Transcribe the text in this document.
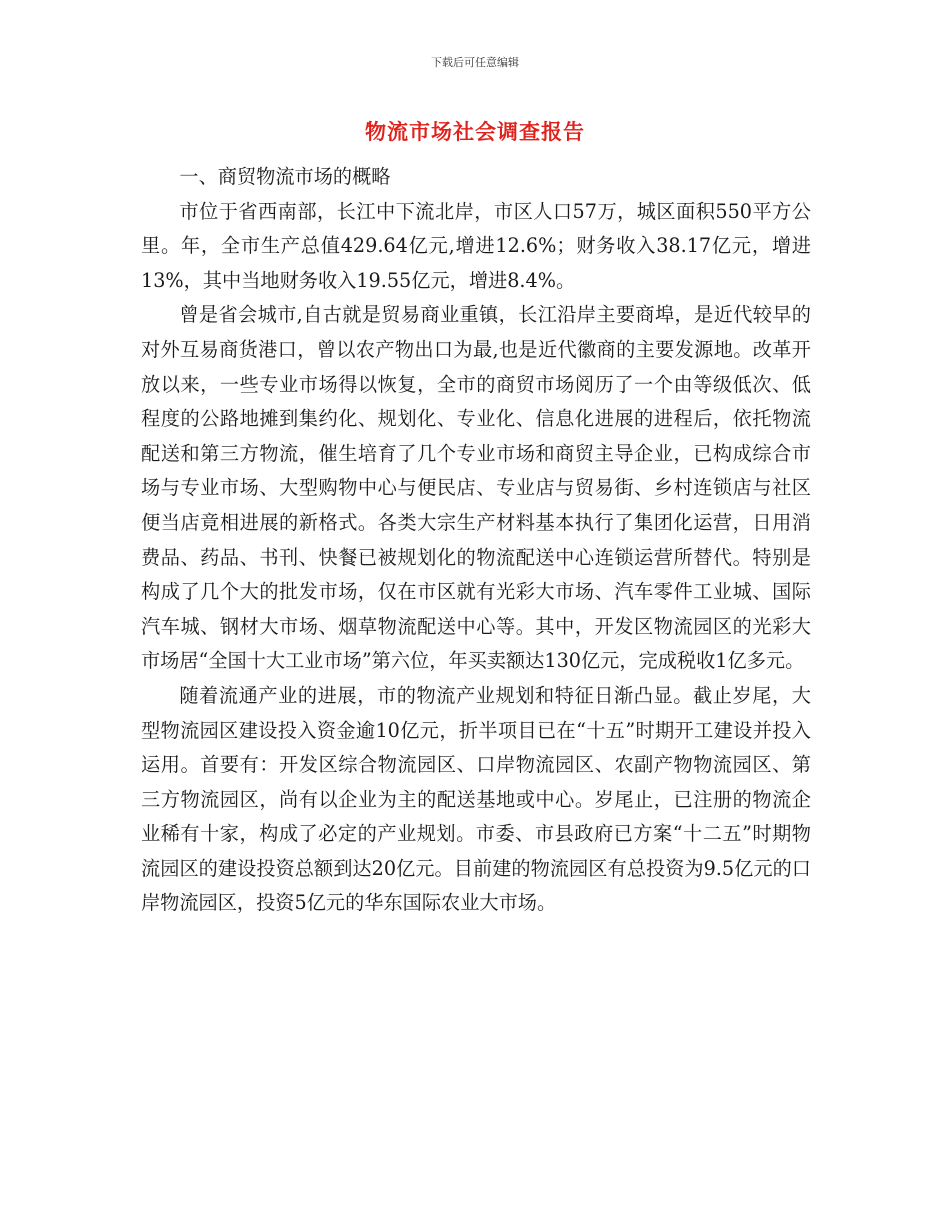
下载后可任意编辑
物流市场社会调查报告

一、商贸物流市场的概略

市位于省西南部，长江中下流北岸，市区人口57万，城区面积550平方公里。年，全市生产总值429.64亿元,增进12.6%；财务收入38.17亿元，增进13%，其中当地财务收入19.55亿元，增进8.4%。

曾是省会城市,自古就是贸易商业重镇，长江沿岸主要商埠，是近代较早的对外互易商货港口，曾以农产物出口为最,也是近代徽商的主要发源地。改革开放以来，一些专业市场得以恢复，全市的商贸市场阅历了一个由等级低次、低程度的公路地摊到集约化、规划化、专业化、信息化进展的进程后，依托物流配送和第三方物流，催生培育了几个专业市场和商贸主导企业，已构成综合市场与专业市场、大型购物中心与便民店、专业店与贸易街、乡村连锁店与社区便当店竟相进展的新格式。各类大宗生产材料基本执行了集团化运营，日用消费品、药品、书刊、快餐已被规划化的物流配送中心连锁运营所替代。特别是构成了几个大的批发市场，仅在市区就有光彩大市场、汽车零件工业城、国际汽车城、钢材大市场、烟草物流配送中心等。其中，开发区物流园区的光彩大市场居“全国十大工业市场”第六位，年买卖额达130亿元，完成税收1亿多元。

随着流通产业的进展，市的物流产业规划和特征日渐凸显。截止岁尾，大型物流园区建设投入资金逾10亿元，折半项目已在“十五”时期开工建设并投入运用。首要有：开发区综合物流园区、口岸物流园区、农副产物物流园区、第三方物流园区，尚有以企业为主的配送基地或中心。岁尾止，已注册的物流企业稀有十家，构成了必定的产业规划。市委、市县政府已方案“十二五”时期物流园区的建设投资总额到达20亿元。目前建的物流园区有总投资为9.5亿元的口岸物流园区，投资5亿元的华东国际农业大市场。
